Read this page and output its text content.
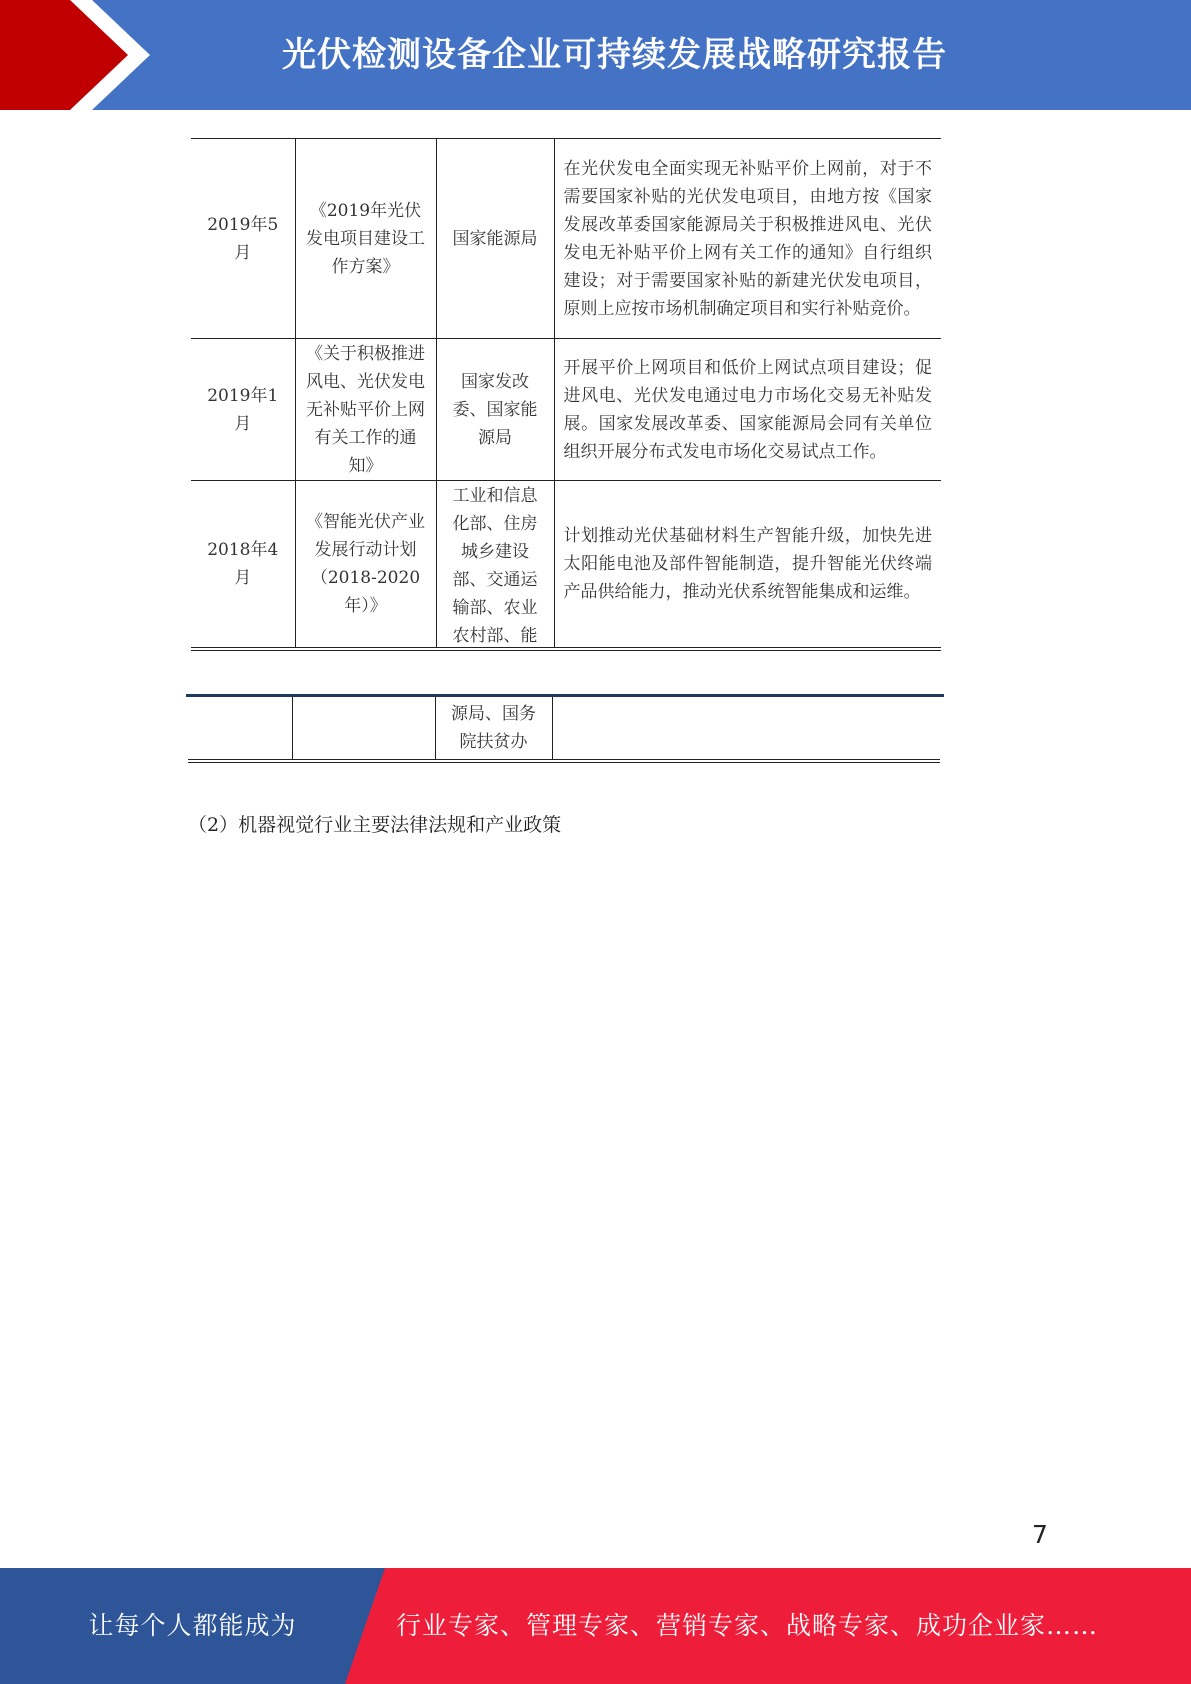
光伏检测设备企业可持续发展战略研究报告
2019年5月	《2019年光伏发电项目建设工作方案》	国家能源局	在光伏发电全面实现无补贴平价上网前，对于不需要国家补贴的光伏发电项目，由地方按《国家发展改革委国家能源局关于积极推进风电、光伏发电无补贴平价上网有关工作的通知》自行组织建设；对于需要国家补贴的新建光伏发电项目，原则上应按市场机制确定项目和实行补贴竞价。
2019年1月	《关于积极推进风电、光伏发电无补贴平价上网有关工作的通知》	国家发改委、国家能源局	开展平价上网项目和低价上网试点项目建设；促进风电、光伏发电通过电力市场化交易无补贴发展。国家发展改革委、国家能源局会同有关单位组织开展分布式发电市场化交易试点工作。
2018年4月	《智能光伏产业发展行动计划（2018-2020年）》	工业和信息化部、住房城乡建设部、交通运输部、农业农村部、能	计划推动光伏基础材料生产智能升级，加快先进太阳能电池及部件智能制造，提升智能光伏终端产品供给能力，推动光伏系统智能集成和运维。
		源局、国务院扶贫办	
（2）机器视觉行业主要法律法规和产业政策
7
让每个人都能成为	行业专家、管理专家、营销专家、战略专家、成功企业家……
